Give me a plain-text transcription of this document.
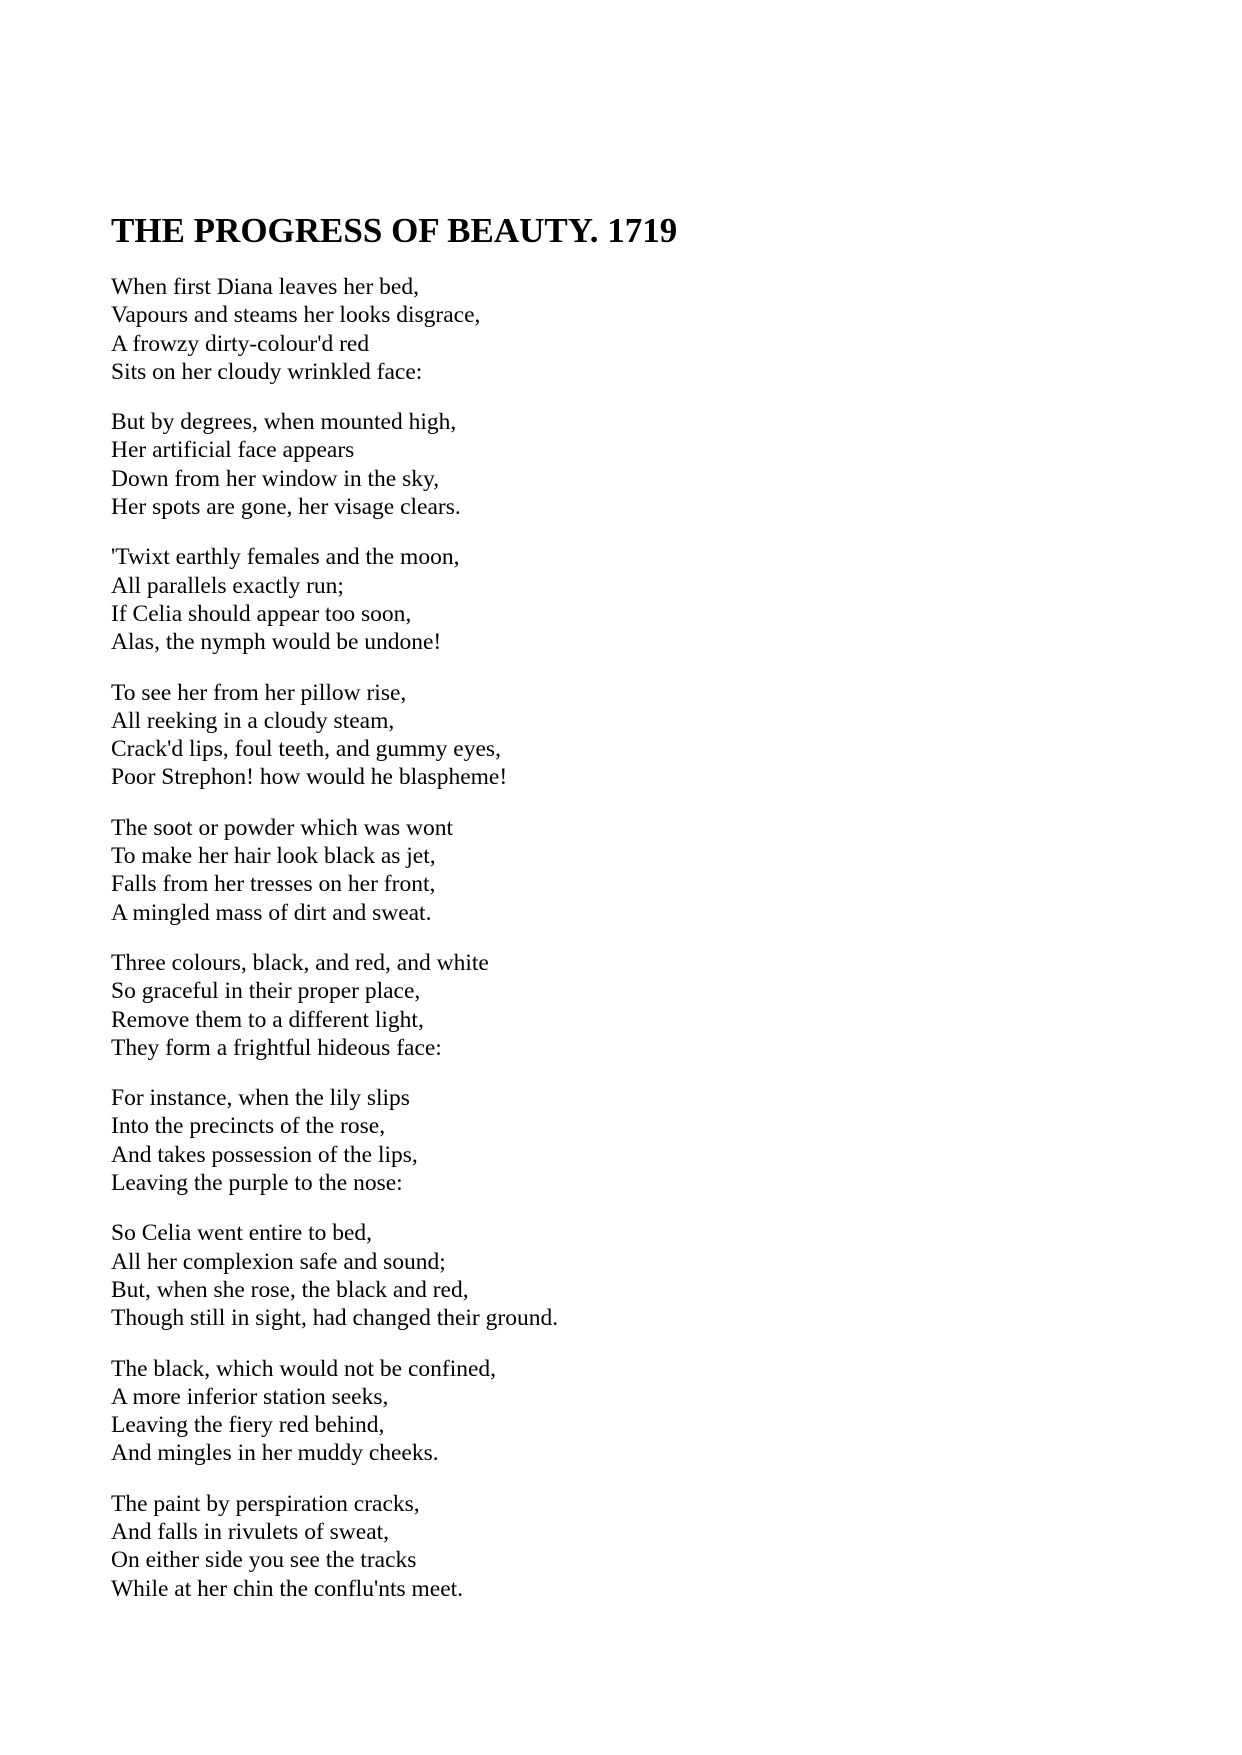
THE PROGRESS OF BEAUTY. 1719
When first Diana leaves her bed,
Vapours and steams her looks disgrace,
A frowzy dirty-colour'd red
Sits on her cloudy wrinkled face:
But by degrees, when mounted high,
Her artificial face appears
Down from her window in the sky,
Her spots are gone, her visage clears.
'Twixt earthly females and the moon,
All parallels exactly run;
If Celia should appear too soon,
Alas, the nymph would be undone!
To see her from her pillow rise,
All reeking in a cloudy steam,
Crack'd lips, foul teeth, and gummy eyes,
Poor Strephon! how would he blaspheme!
The soot or powder which was wont
To make her hair look black as jet,
Falls from her tresses on her front,
A mingled mass of dirt and sweat.
Three colours, black, and red, and white
So graceful in their proper place,
Remove them to a different light,
They form a frightful hideous face:
For instance, when the lily slips
Into the precincts of the rose,
And takes possession of the lips,
Leaving the purple to the nose:
So Celia went entire to bed,
All her complexion safe and sound;
But, when she rose, the black and red,
Though still in sight, had changed their ground.
The black, which would not be confined,
A more inferior station seeks,
Leaving the fiery red behind,
And mingles in her muddy cheeks.
The paint by perspiration cracks,
And falls in rivulets of sweat,
On either side you see the tracks
While at her chin the conflu'nts meet.
